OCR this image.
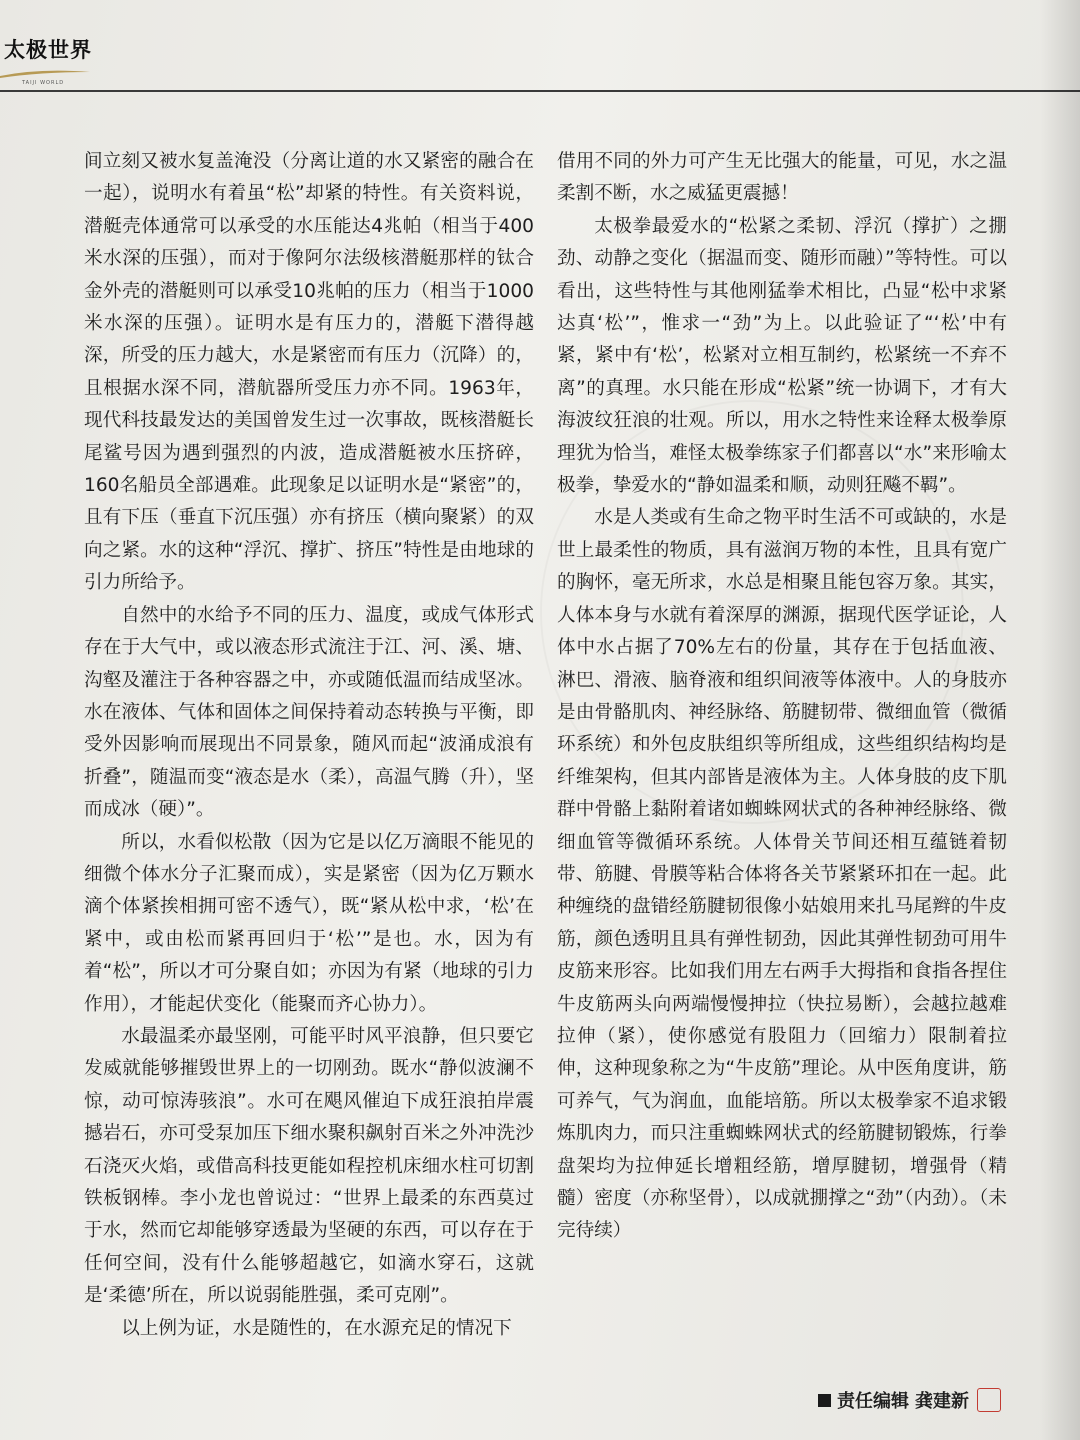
太极世界
TAIJI WORLD

间立刻又被水复盖淹没（分离让道的水又紧密的融合在一起），说明水有着虽“松”却紧的特性。有关资料说，潜艇壳体通常可以承受的水压能达4兆帕（相当于400米水深的压强），而对于像阿尔法级核潜艇那样的钛合金外壳的潜艇则可以承受10兆帕的压力（相当于1000米水深的压强）。证明水是有压力的，潜艇下潜得越深，所受的压力越大，水是紧密而有压力（沉降）的，且根据水深不同，潜航器所受压力亦不同。1963年，现代科技最发达的美国曾发生过一次事故，既核潜艇长尾鲨号因为遇到强烈的内波，造成潜艇被水压挤碎，160名船员全部遇难。此现象足以证明水是“紧密”的，且有下压（垂直下沉压强）亦有挤压（横向聚紧）的双向之紧。水的这种“浮沉、撑扩、挤压”特性是由地球的引力所给予。

自然中的水给予不同的压力、温度，或成气体形式存在于大气中，或以液态形式流注于江、河、溪、塘、沟壑及灌注于各种容器之中，亦或随低温而结成坚冰。水在液体、气体和固体之间保持着动态转换与平衡，即受外因影响而展现出不同景象，随风而起“波涌成浪有折叠”，随温而变“液态是水（柔），高温气腾（升），坚而成冰（硬）”。

所以，水看似松散（因为它是以亿万滴眼不能见的细微个体水分子汇聚而成），实是紧密（因为亿万颗水滴个体紧挨相拥可密不透气），既“紧从松中求，‘松’在紧中，或由松而紧再回归于‘松’”是也。水，因为有着“松”，所以才可分聚自如；亦因为有紧（地球的引力作用），才能起伏变化（能聚而齐心协力）。

水最温柔亦最坚刚，可能平时风平浪静，但只要它发威就能够摧毁世界上的一切刚劲。既水“静似波澜不惊，动可惊涛骇浪”。水可在飓风催迫下成狂浪拍岸震撼岩石，亦可受泵加压下细水聚积飙射百米之外冲洗沙石浇灭火焰，或借高科技更能如程控机床细水柱可切割铁板钢棒。李小龙也曾说过：“世界上最柔的东西莫过于水，然而它却能够穿透最为坚硬的东西，可以存在于任何空间，没有什么能够超越它，如滴水穿石，这就是‘柔德’所在，所以说弱能胜强，柔可克刚”。

以上例为证，水是随性的，在水源充足的情况下

借用不同的外力可产生无比强大的能量，可见，水之温柔割不断，水之威猛更震撼！

太极拳最爱水的“松紧之柔韧、浮沉（撑扩）之掤劲、动静之变化（据温而变、随形而融）”等特性。可以看出，这些特性与其他刚猛拳术相比，凸显“松中求紧达真‘松’”，惟求一“劲”为上。以此验证了“‘松’中有紧，紧中有‘松’，松紧对立相互制约，松紧统一不弃不离”的真理。水只能在形成“松紧”统一协调下，才有大海波纹狂浪的壮观。所以，用水之特性来诠释太极拳原理犹为恰当，难怪太极拳练家子们都喜以“水”来形喻太极拳，挚爱水的“静如温柔和顺，动则狂飚不羁”。

水是人类或有生命之物平时生活不可或缺的，水是世上最柔性的物质，具有滋润万物的本性，且具有宽广的胸怀，毫无所求，水总是相聚且能包容万象。其实，人体本身与水就有着深厚的渊源，据现代医学证论，人体中水占据了70%左右的份量，其存在于包括血液、淋巴、滑液、脑脊液和组织间液等体液中。人的身肢亦是由骨骼肌肉、神经脉络、筋腱韧带、微细血管（微循环系统）和外包皮肤组织等所组成，这些组织结构均是纤维架构，但其内部皆是液体为主。人体身肢的皮下肌群中骨骼上黏附着诸如蜘蛛网状式的各种神经脉络、微细血管等微循环系统。人体骨关节间还相互蕴链着韧带、筋腱、骨膜等粘合体将各关节紧紧环扣在一起。此种缠绕的盘错经筋腱韧很像小姑娘用来扎马尾辫的牛皮筋，颜色透明且具有弹性韧劲，因此其弹性韧劲可用牛皮筋来形容。比如我们用左右两手大拇指和食指各捏住牛皮筋两头向两端慢慢抻拉（快拉易断），会越拉越难拉伸（紧），使你感觉有股阻力（回缩力）限制着拉伸，这种现象称之为“牛皮筋”理论。从中医角度讲，筋可养气，气为润血，血能培筋。所以太极拳家不追求锻炼肌肉力，而只注重蜘蛛网状式的经筋腱韧锻炼，行拳盘架均为拉伸延长增粗经筋，增厚腱韧，增强骨（精髓）密度（亦称坚骨），以成就掤撑之“劲”（内劲）。（未完待续）

责任编辑 龚建新
